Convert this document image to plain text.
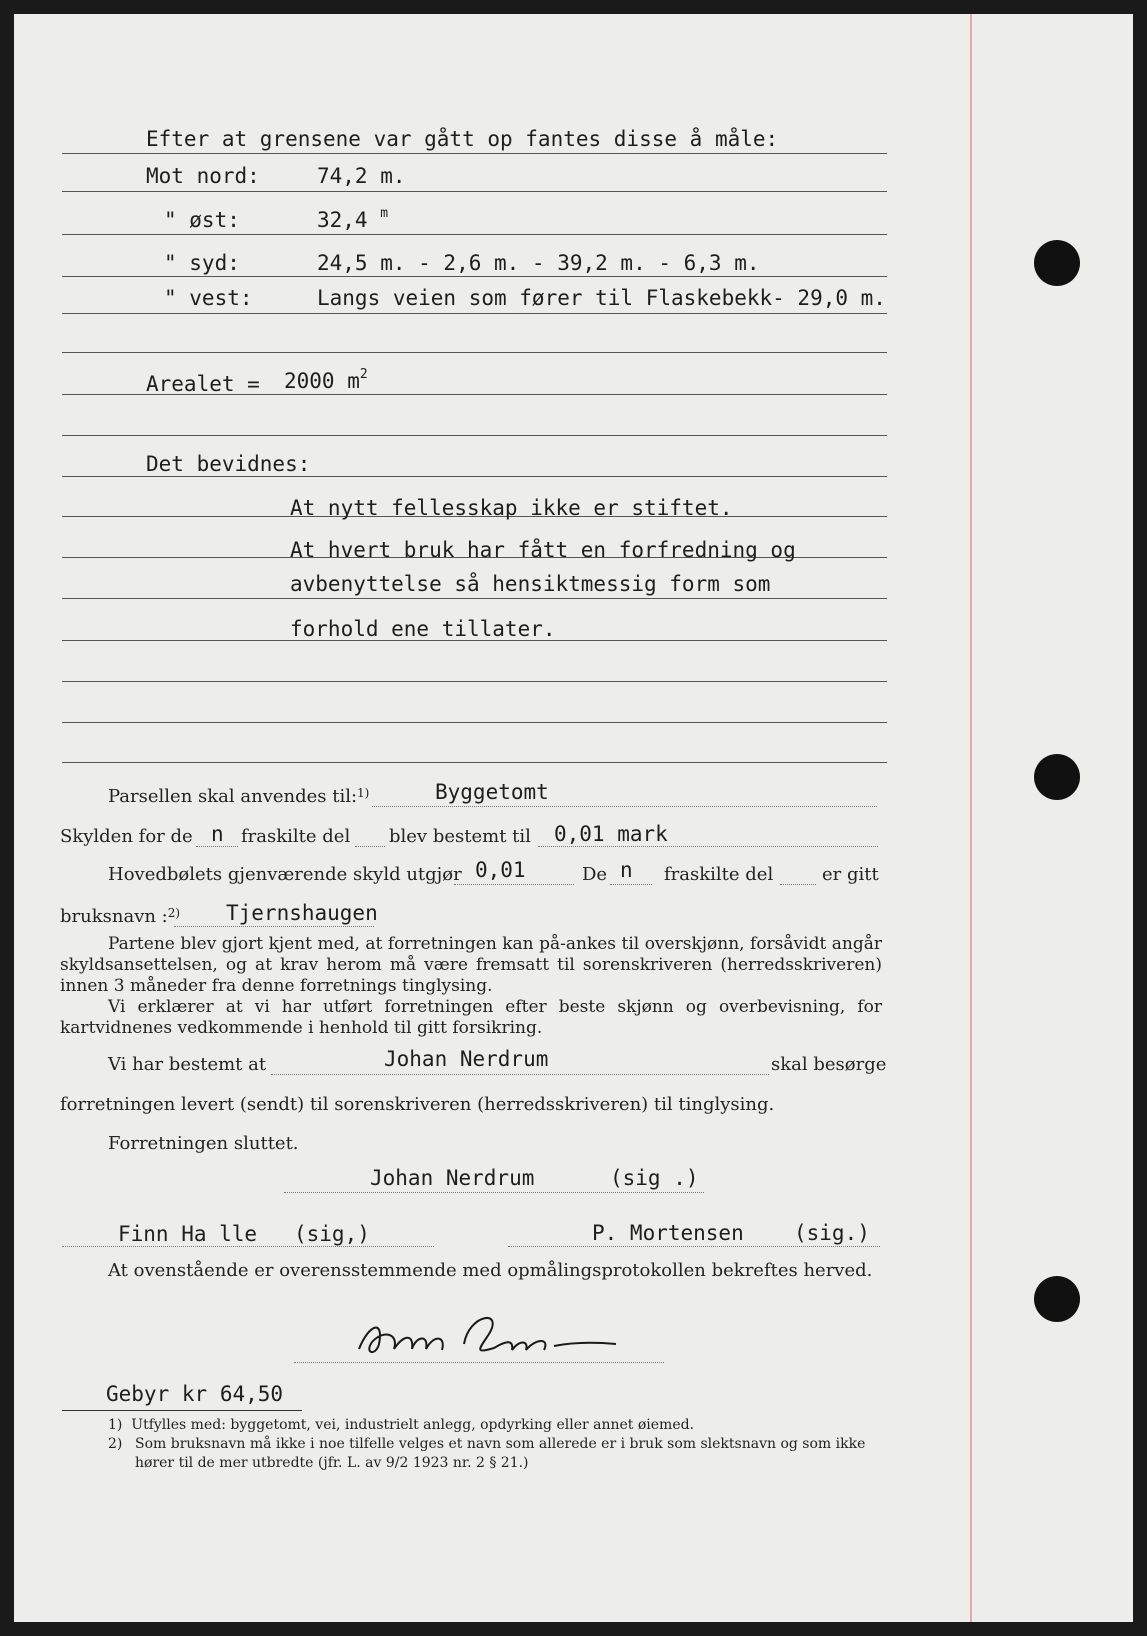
Efter at grensene var gått op fantes disse å måle:
Mot nord:	74,2 m.
" øst:	32,4 $^m$
" syd:	24,5 m. - 2,6 m. - 39,2 m. - 6,3 m.
" vest:	Langs veien som fører til Flaskebekk- 29,0 m.
Arealet = 2000 $m^2$
Det bevidnes:
At nytt fellesskap ikke er stiftet.
At hvert bruk har fått en forfredning og
avbenyttelse så hensiktmessig form som
forhold ene tillater.
Parsellen skal anvendes til:$^{1)}$	Byggetomt
Skylden for de n fraskilte del blev bestemt til 0,01 mark
Hovedbølets gjenværende skyld utgjør 0,01	De n fraskilte del	er gitt
bruksnavn :$^{2)}$ Tjernshaugen
Partene blev gjort kjent med, at forretningen kan på-ankes til overskjønn, forsåvidt angår skyldsansettelsen, og at krav herom må være fremsatt til sorenskriveren (herredsskriveren) innen 3 måneder fra denne forretnings tinglysing.
Vi erklærer at vi har utført forretningen efter beste skjønn og overbevisning, for kartvidnenes vedkommende i henhold til gitt forsikring.
Vi har bestemt at	Johan Nerdrum	skal besørge
forretningen levert (sendt) til sorenskriveren (herredsskriveren) til tinglysing.
Forretningen sluttet.
Johan Nerdrum	(sig .)
Finn Ha lle (sig,)	P. Mortensen (sig.)
At ovenstående er overensstemmende med opmålingsprotokollen bekreftes herved.
Gebyr kr 64,50
1) Utfylles med: byggetomt, vei, industrielt anlegg, opdyrking eller annet øiemed.
2) Som bruksnavn må ikke i noe tilfelle velges et navn som allerede er i bruk som slektsnavn og som ikke hører til de mer utbredte (jfr. L. av 9/2 1923 nr. 2 § 21.)
